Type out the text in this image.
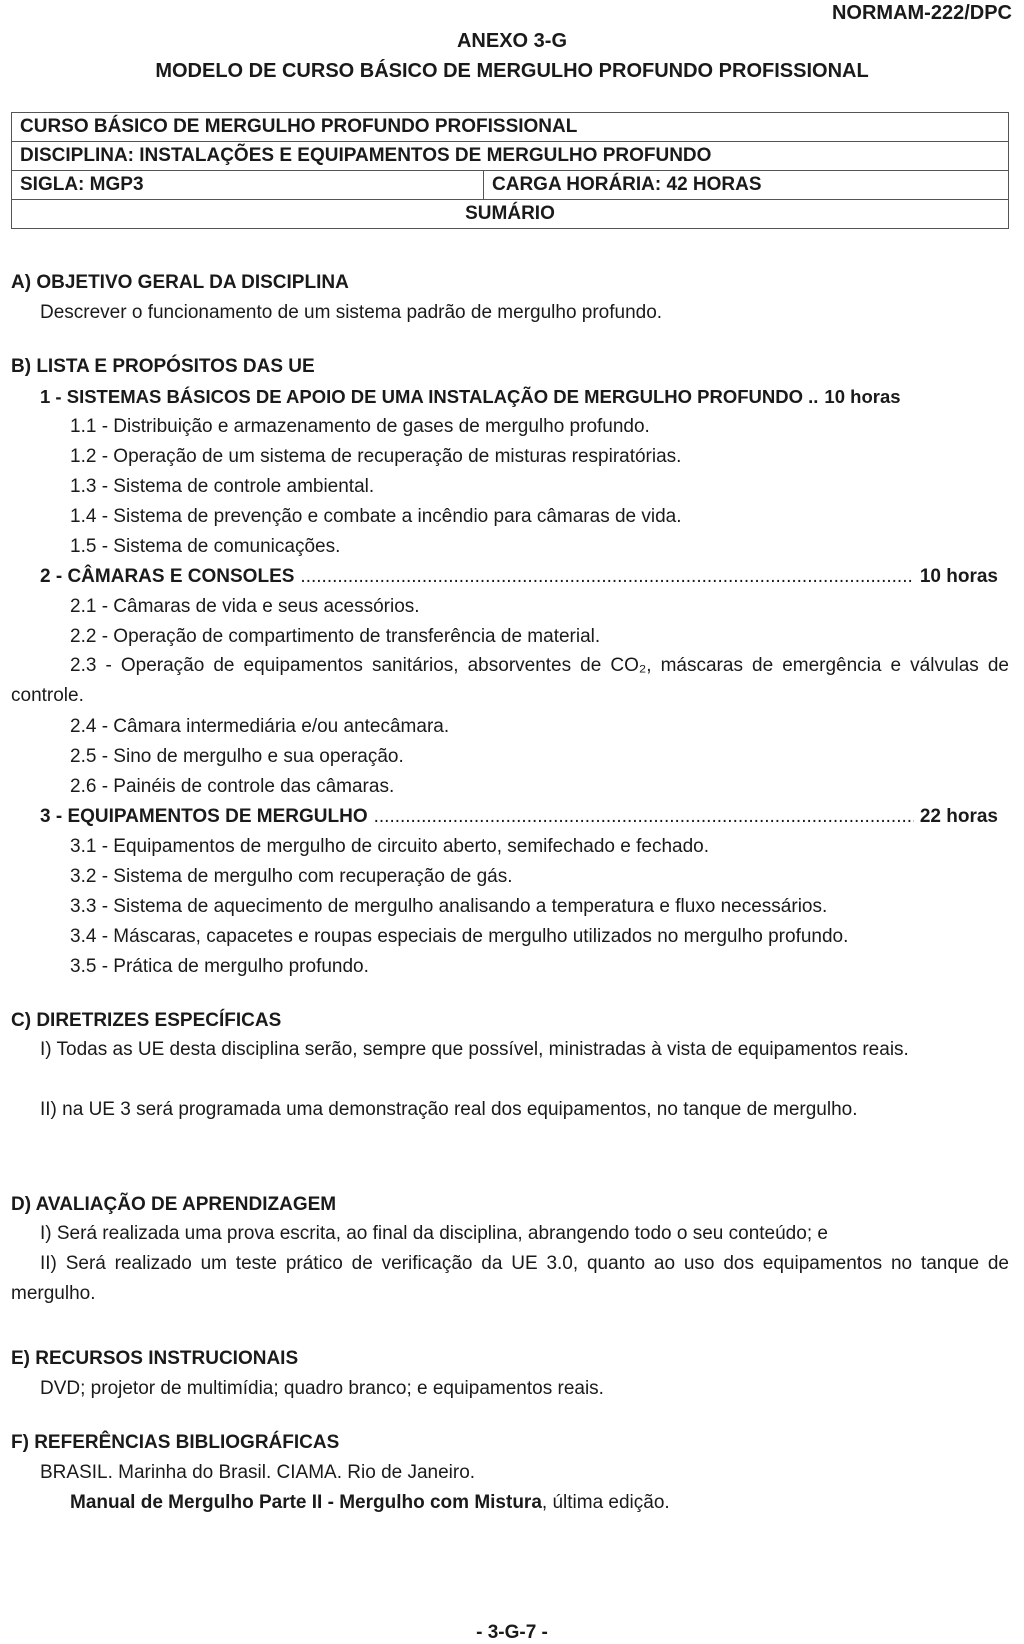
NORMAM-222/DPC
ANEXO 3-G
MODELO DE CURSO BÁSICO DE MERGULHO PROFUNDO PROFISSIONAL
CURSO BÁSICO DE MERGULHO PROFUNDO PROFISSIONAL
DISCIPLINA: INSTALAÇÕES E EQUIPAMENTOS DE MERGULHO PROFUNDO
SIGLA: MGP3	CARGA HORÁRIA: 42 HORAS
SUMÁRIO
A) OBJETIVO GERAL DA DISCIPLINA
Descrever o funcionamento de um sistema padrão de mergulho profundo.
B) LISTA E PROPÓSITOS DAS UE
1 - SISTEMAS BÁSICOS DE APOIO DE UMA INSTALAÇÃO DE MERGULHO PROFUNDO .. 10 horas
1.1 - Distribuição e armazenamento de gases de mergulho profundo.
1.2 - Operação de um sistema de recuperação de misturas respiratórias.
1.3 - Sistema de controle ambiental.
1.4 - Sistema de prevenção e combate a incêndio para câmaras de vida.
1.5 - Sistema de comunicações.
2 - CÂMARAS E CONSOLES .....	10 horas
2.1 - Câmaras de vida e seus acessórios.
2.2 - Operação de compartimento de transferência de material.
2.3 - Operação de equipamentos sanitários, absorventes de CO₂, máscaras de emergência e válvulas de controle.
2.4 - Câmara intermediária e/ou antecâmara.
2.5 - Sino de mergulho e sua operação.
2.6 - Painéis de controle das câmaras.
3 - EQUIPAMENTOS DE MERGULHO .....	22 horas
3.1 - Equipamentos de mergulho de circuito aberto, semifechado e fechado.
3.2 - Sistema de mergulho com recuperação de gás.
3.3 - Sistema de aquecimento de mergulho analisando a temperatura e fluxo necessários.
3.4 - Máscaras, capacetes e roupas especiais de mergulho utilizados no mergulho profundo.
3.5 - Prática de mergulho profundo.
C) DIRETRIZES ESPECÍFICAS
I) Todas as UE desta disciplina serão, sempre que possível, ministradas à vista de equipamentos reais.
II) na UE 3 será programada uma demonstração real dos equipamentos, no tanque de mergulho.
D) AVALIAÇÃO DE APRENDIZAGEM
I) Será realizada uma prova escrita, ao final da disciplina, abrangendo todo o seu conteúdo; e
II) Será realizado um teste prático de verificação da UE 3.0, quanto ao uso dos equipamentos no tanque de mergulho.
E) RECURSOS INSTRUCIONAIS
DVD; projetor de multimídia; quadro branco; e equipamentos reais.
F) REFERÊNCIAS BIBLIOGRÁFICAS
BRASIL. Marinha do Brasil. CIAMA. Rio de Janeiro.
Manual de Mergulho Parte II - Mergulho com Mistura, última edição.
- 3-G-7 -
